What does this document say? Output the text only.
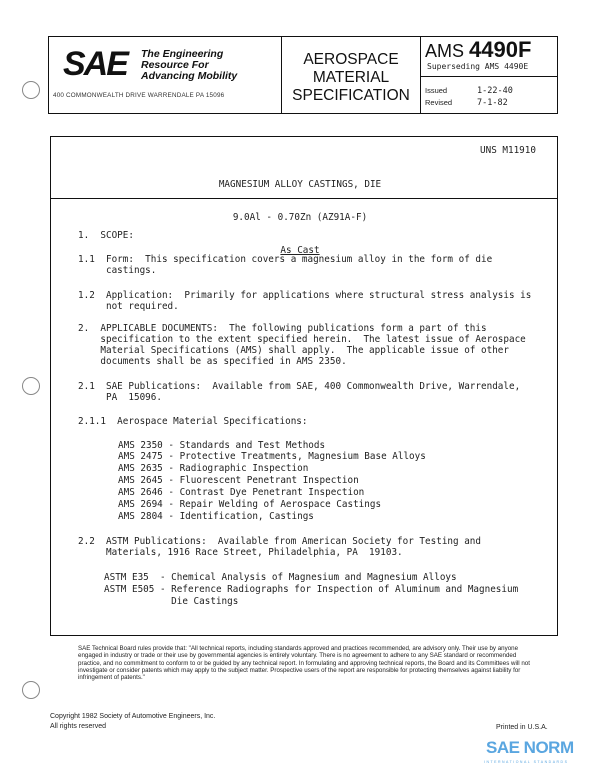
SAE The Engineering
Resource For
Advancing Mobility
400 COMMONWEALTH DRIVE WARRENDALE PA 15096
AEROSPACE
MATERIAL
SPECIFICATION
AMS 4490F
Superseding AMS 4490E
Issued	1-22-40
Revised	7-1-82
UNS M11910

MAGNESIUM ALLOY CASTINGS, DIE

9.0Al - 0.70Zn (AZ91A-F)

As Cast

1.  SCOPE:
1.1  Form:  This specification covers a magnesium alloy in the form of die
castings.
1.2  Application:  Primarily for applications where structural stress analysis is
not required.
2.  APPLICABLE DOCUMENTS:  The following publications form a part of this
specification to the extent specified herein.  The latest issue of Aerospace
Material Specifications (AMS) shall apply.  The applicable issue of other
documents shall be as specified in AMS 2350.
2.1  SAE Publications:  Available from SAE, 400 Commonwealth Drive, Warrendale,
PA  15096.
2.1.1  Aerospace Material Specifications:
AMS 2350 - Standards and Test Methods
AMS 2475 - Protective Treatments, Magnesium Base Alloys
AMS 2635 - Radiographic Inspection
AMS 2645 - Fluorescent Penetrant Inspection
AMS 2646 - Contrast Dye Penetrant Inspection
AMS 2694 - Repair Welding of Aerospace Castings
AMS 2804 - Identification, Castings
2.2  ASTM Publications:  Available from American Society for Testing and
Materials, 1916 Race Street, Philadelphia, PA  19103.
ASTM E35  - Chemical Analysis of Magnesium and Magnesium Alloys
ASTM E505 - Reference Radiographs for Inspection of Aluminum and Magnesium
Die Castings
SAE Technical Board rules provide that: "All technical reports, including standards approved and practices recommended, are advisory only. Their use by anyone engaged in industry or trade or their use by governmental agencies is entirely voluntary. There is no agreement to adhere to any SAE standard or recommended practice, and no commitment to conform to or be guided by any technical report. In formulating and approving technical reports, the Board and its Committees will not investigate or consider patents which may apply to the subject matter. Prospective users of the report are responsible for protecting themselves against liability for infringement of patents."
Copyright 1982 Society of Automotive Engineers, Inc.
All rights reserved	Printed in U.S.A.
SAE NORM
INTERNATIONAL STANDARDS
